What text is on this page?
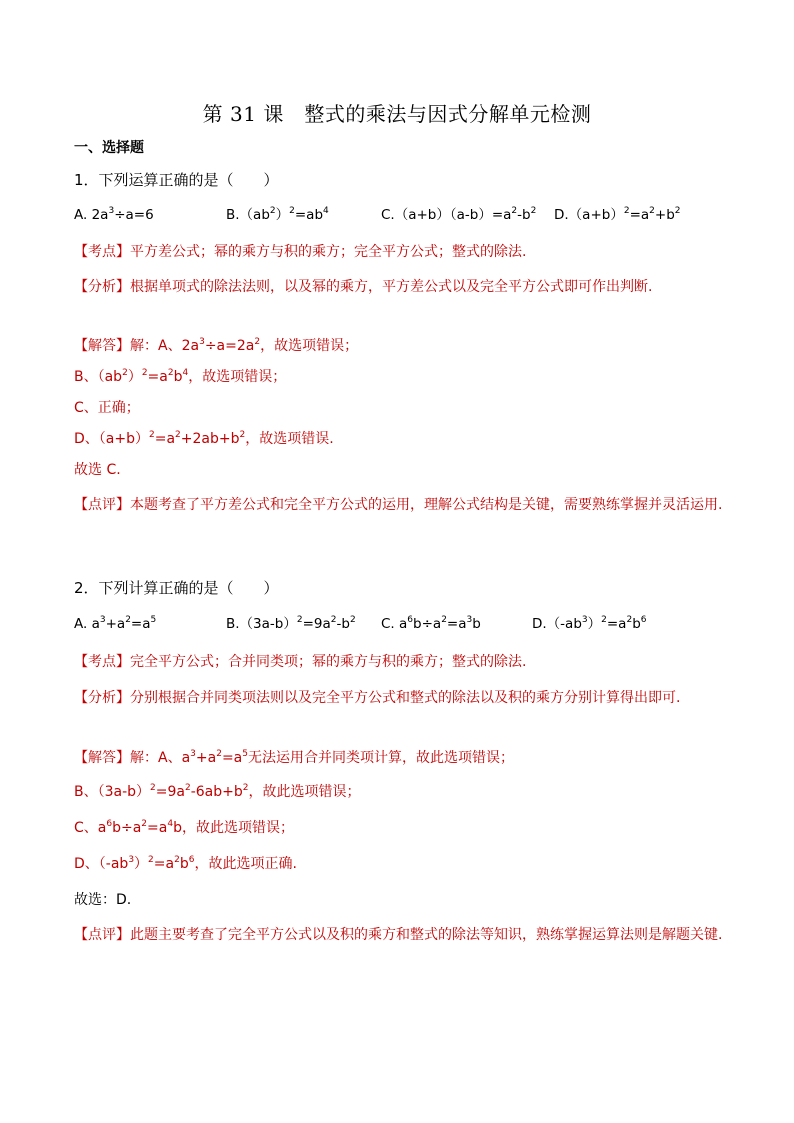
第 31 课　整式的乘法与因式分解单元检测
一、选择题
1．下列运算正确的是（　　）
A. $2a^3\div a=6$	$B.(ab^2)^2=ab^4$	$C.(a+b)(a-b)=a^2-b^2$ $D.(a+b)^2=a^2+b^2$
【考点】平方差公式；幂的乘方与积的乘方；完全平方公式；整式的除法.
【分析】根据单项式的除法法则，以及幂的乘方，平方差公式以及完全平方公式即可作出判断.
【解答】解：A、$2a^3\div a=2a^2$，故选项错误；
B、$(ab^2)^2=a^2b^4$，故选项错误；
C、正确；
D、$(a+b)^2=a^2+2ab+b^2$，故选项错误.
故选 C.
【点评】本题考查了平方差公式和完全平方公式的运用，理解公式结构是关键，需要熟练掌握并灵活运用.
2．下列计算正确的是（　　）
A. $a^3+a^2=a^5$	$B.(3a-b)^2=9a^2-b^2$ C. $a^6b\div a^2=a^3b$	$D.(-ab^3)^2=a^2b^6$
【考点】完全平方公式；合并同类项；幂的乘方与积的乘方；整式的除法.
【分析】分别根据合并同类项法则以及完全平方公式和整式的除法以及积的乘方分别计算得出即可.
【解答】解：A、$a^3+a^2=a^5$无法运用合并同类项计算，故此选项错误；
B、$(3a-b)^2=9a^2-6ab+b^2$，故此选项错误；
C、$a^6b\div a^2=a^4b$，故此选项错误；
D、$(-ab^3)^2=a^2b^6$，故此选项正确.
故选：D.
【点评】此题主要考查了完全平方公式以及积的乘方和整式的除法等知识，熟练掌握运算法则是解题关键.
